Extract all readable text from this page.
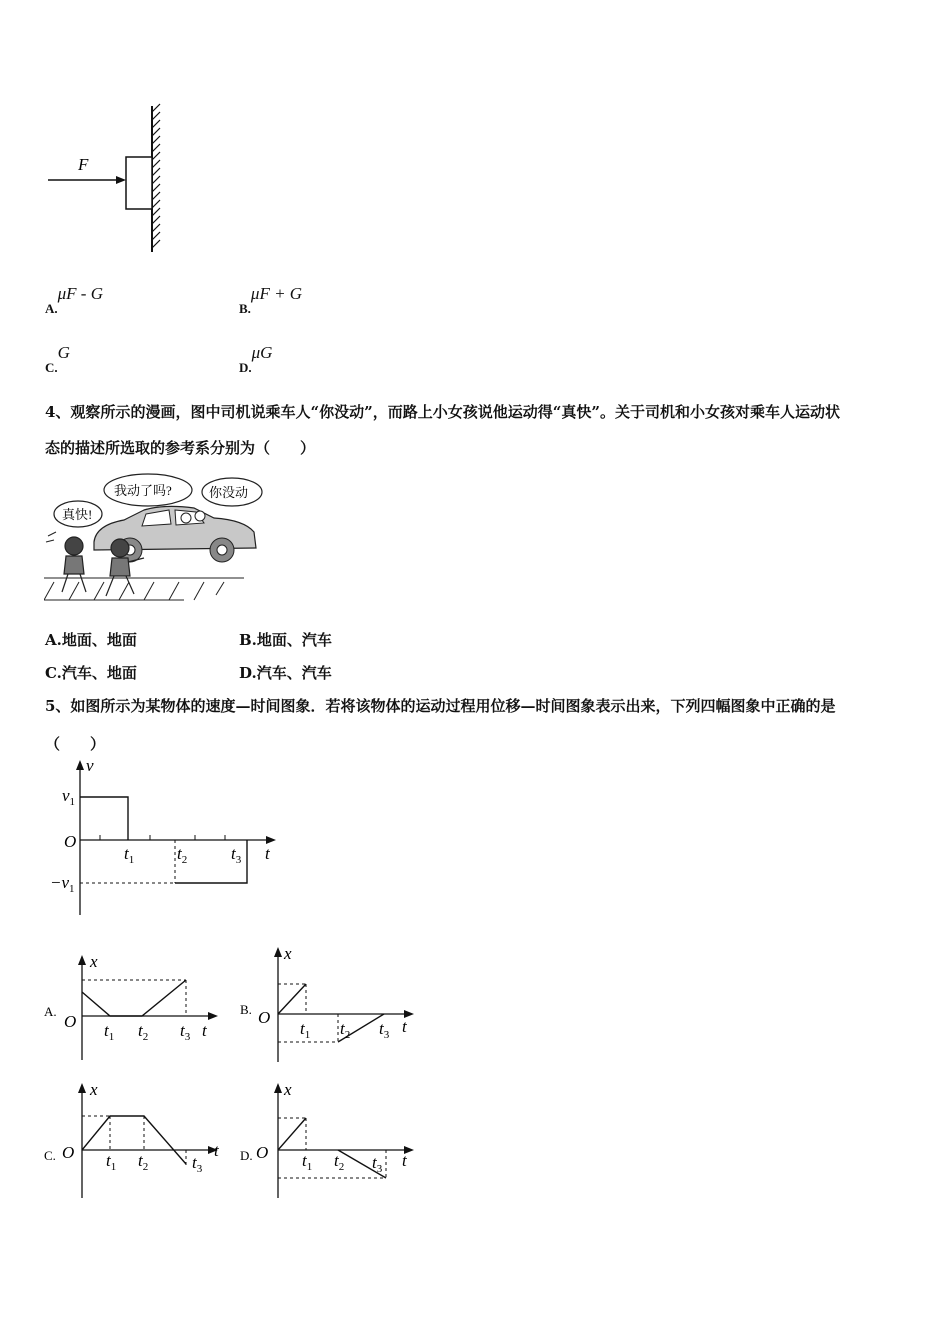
F
A.μF - G
B.μF + G
C.G
D.μG
4、观察所示的漫画，图中司机说乘车人“你没动”，而路上小女孩说他运动得“真快”。关于司机和小女孩对乘车人运动状
态的描述所选取的参考系分别为（　　）
真快!
我动了吗?	你没动
A.地面、地面	B.地面、汽车
C.汽车、地面	D.汽车、汽车
5、如图所示为某物体的速度—时间图象．若将该物体的运动过程用位移—时间图象表示出来，下列四幅图象中正确的是
（　　）
v
O
$v_1$
$-v_1$
$t_1$	$t_2$	$t_3$ t
A.
x
O $t_1$ $t_2$ $t_3$ t
B.
x
O
$t_1$ $t_2$ $t_3$ t
C.
x
O $t_1$ $t_2$	$t_3$
t D.
x
O $t_1$ $t_2$ $t_3$ t
